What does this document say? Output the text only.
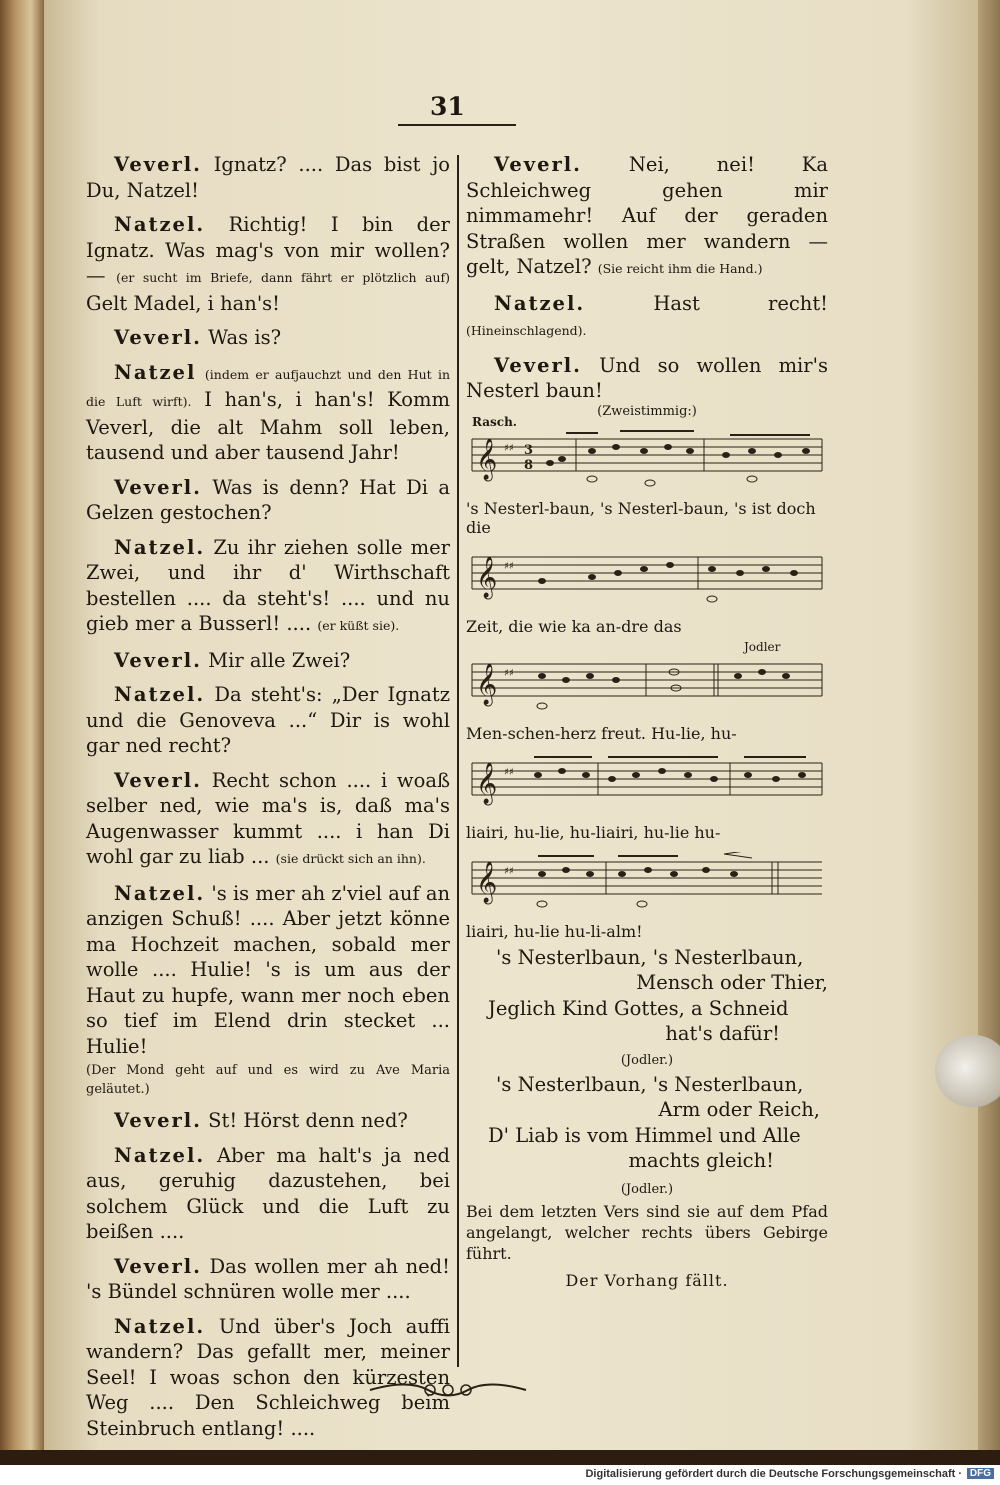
31

Veverl. Ignatz? .... Das bist jo Du, Natzel!

Natzel. Richtig! I bin der Ignatz. Was mag's von mir wollen? — (er sucht im Briefe, dann fährt er plötzlich auf) Gelt Madel, i han's!

Veverl. Was is?

Natzel (indem er aufjauchzt und den Hut in die Luft wirft). I han's, i han's! Komm Veverl, die alt Mahm soll leben, tausend und aber tausend Jahr!

Veverl. Was is denn? Hat Di a Gelzen gestochen?

Natzel. Zu ihr ziehen solle mer Zwei, und ihr d' Wirthschaft bestellen .... da steht's! .... und nu gieb mer a Busserl! .... (er küßt sie).

Veverl. Mir alle Zwei?

Natzel. Da steht's: „Der Ignatz und die Genoveva ...“ Dir is wohl gar ned recht?

Veverl. Recht schon .... i woaß selber ned, wie ma's is, daß ma's Augenwasser kummt .... i han Di wohl gar zu liab ... (sie drückt sich an ihn).

Natzel. 's is mer ah z'viel auf an anzigen Schuß! .... Aber jetzt könne ma Hochzeit machen, sobald mer wolle .... Hulie! 's is um aus der Haut zu hupfe, wann mer noch eben so tief im Elend drin stecket ... Hulie!

(Der Mond geht auf und es wird zu Ave Maria geläutet.)

Veverl. St! Hörst denn ned?

Natzel. Aber ma halt's ja ned aus, geruhig dazustehen, bei solchem Glück und die Luft zu beißen ....

Veverl. Das wollen mer ah ned! 's Bündel schnüren wolle mer ....

Natzel. Und über's Joch auffi wandern? Das gefallt mer, meiner Seel! I woas schon den kürzesten Weg .... Den Schleichweg beim Steinbruch entlang! ....

Veverl. Nei, nei! Ka Schleichweg gehen mir nimmamehr! Auf der geraden Straßen wollen mer wandern — gelt, Natzel? (Sie reicht ihm die Hand.)

Natzel.	Hast recht! (Hineinschlagend).

Veverl. Und so wollen mir's Nesterl baun!

(Zweistimmig:)
Rasch.
𝄞 ♯♯ 3
8
's Nesterl-baun, 's Nesterl-baun, 's ist doch die
𝄞 ♯♯
Zeit, die wie ka an-dre das
Jodler
𝄞 ♯♯
Men-schen-herz freut. Hu-lie, hu-
𝄞 ♯♯
liairi, hu-lie, hu-liairi, hu-lie hu-
𝄞 ♯♯
liairi, hu-lie hu-li-alm!

's Nesterlbaun, 's Nesterlbaun,

Mensch oder Thier,

Jeglich Kind Gottes, a Schneid

hat's dafür!

(Jodler.)

's Nesterlbaun, 's Nesterlbaun,

Arm oder Reich,

D' Liab is vom Himmel und Alle

machts gleich!

(Jodler.)

Bei dem letzten Vers sind sie auf dem Pfad angelangt, welcher rechts übers Gebirge führt.

Der Vorhang fällt.

Digitalisierung gefördert durch die Deutsche Forschungsgemeinschaft · DFG
